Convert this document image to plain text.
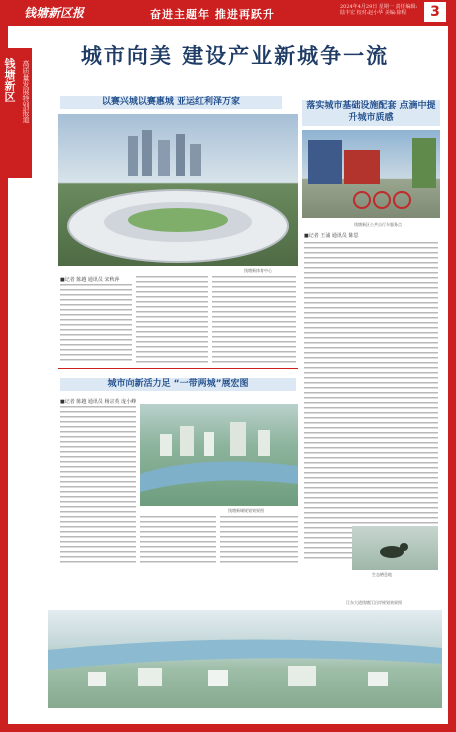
钱塘新区报	奋进主题年 推进再跃升
2024年4月29日 星期一 责任编辑:陆丰宏 校对:赵小华 美编:徐程	3
城市向美 建设产业新城争一流
钱塘新区 高质量发展特别报道	以赛兴城以赛惠城 亚运红利泽万家
钱塘新体育中心
■记者 陈越 通讯员 宋秋萍
落实城市基础设施配套 点滴中提升城市质感
钱塘新区公共自行车服务点
■记者 王浦 通讯员 陈思
城市向新活力足 “一带两城”展宏图
■记者 陈越 通讯员 杨宗英 庞小峰
钱塘新城规划效果图
生态栖息地
江东大道钱塘江沿岸规划效果图
